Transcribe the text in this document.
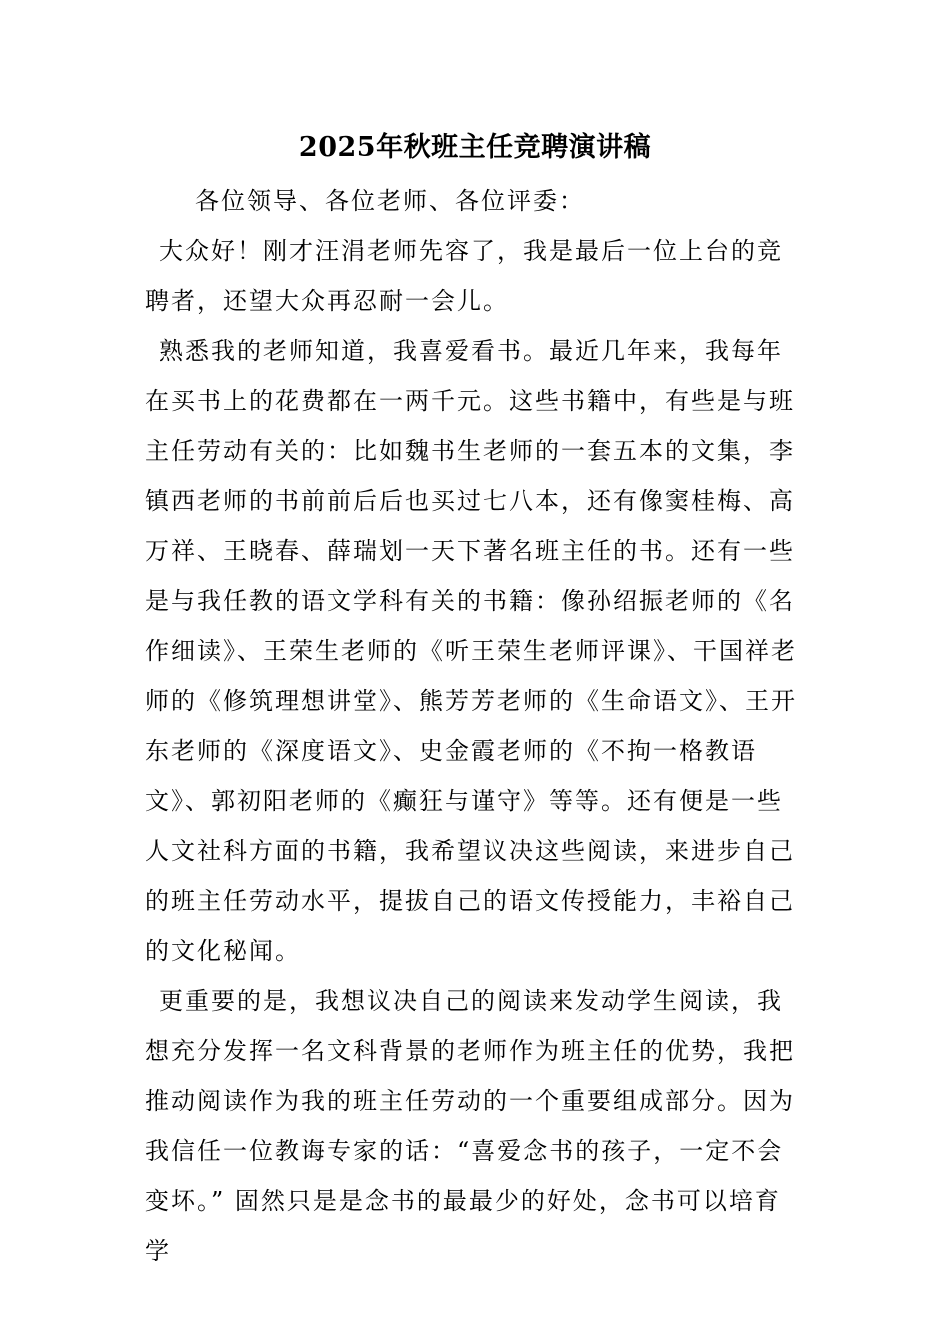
2025年秋班主任竞聘演讲稿

各位领导、各位老师、各位评委：

大众好！刚才汪涓老师先容了，我是最后一位上台的竞聘者，还望大众再忍耐一会儿。

熟悉我的老师知道，我喜爱看书。最近几年来，我每年在买书上的花费都在一两千元。这些书籍中，有些是与班主任劳动有关的：比如魏书生老师的一套五本的文集，李镇西老师的书前前后后也买过七八本，还有像窦桂梅、高万祥、王晓春、薛瑞划一天下著名班主任的书。还有一些是与我任教的语文学科有关的书籍：像孙绍振老师的《名作细读》、王荣生老师的《听王荣生老师评课》、干国祥老师的《修筑理想讲堂》、熊芳芳老师的《生命语文》、王开东老师的《深度语文》、史金霞老师的《不拘一格教语文》、郭初阳老师的《癫狂与谨守》等等。还有便是一些人文社科方面的书籍，我希望议决这些阅读，来进步自己的班主任劳动水平，提拔自己的语文传授能力，丰裕自己的文化秘闻。

更重要的是，我想议决自己的阅读来发动学生阅读，我想充分发挥一名文科背景的老师作为班主任的优势，我把推动阅读作为我的班主任劳动的一个重要组成部分。因为我信任一位教诲专家的话：“喜爱念书的孩子，一定不会变坏。” 固然只是是念书的最最少的好处，念书可以培育学
